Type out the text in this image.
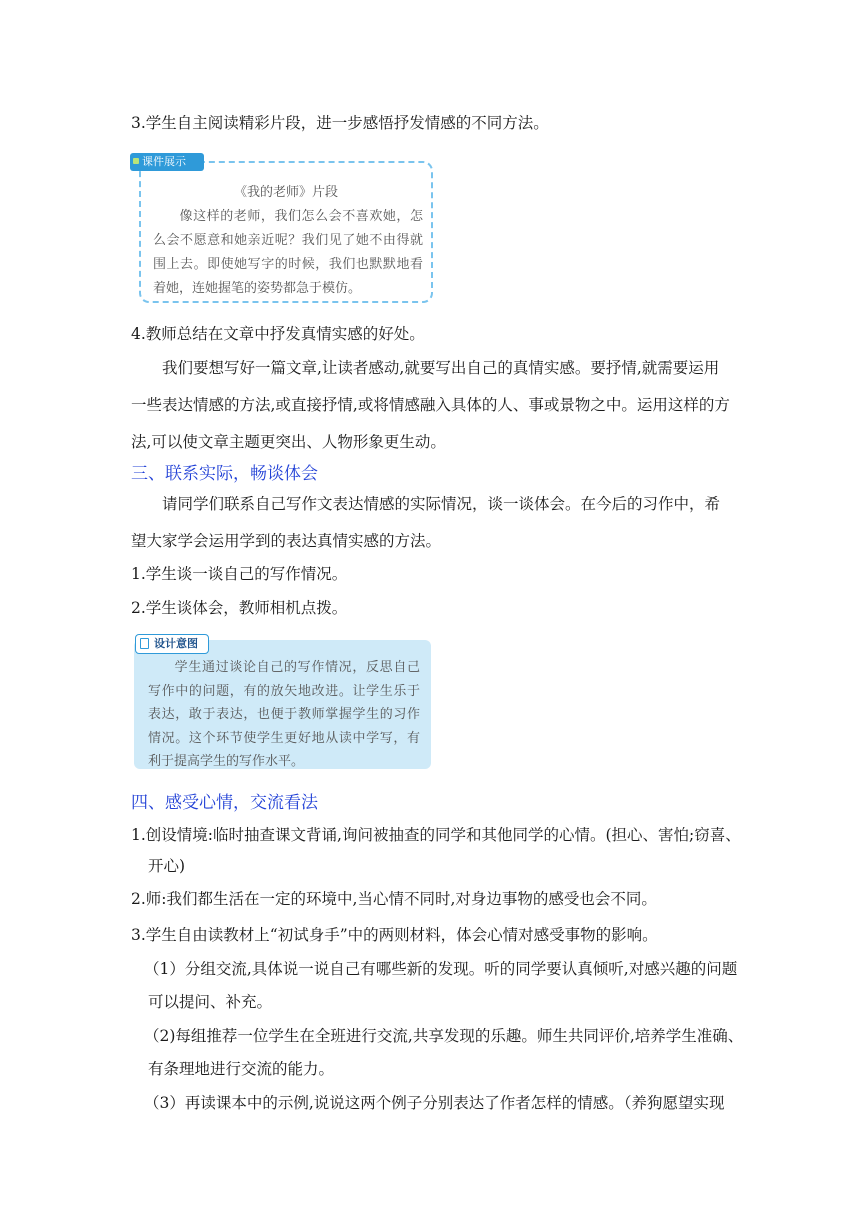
3.学生自主阅读精彩片段，进一步感悟抒发情感的不同方法。
《我的老师》片段
像这样的老师，我们怎么会不喜欢她，怎么会不愿意和她亲近呢？我们见了她不由得就围上去。即使她写字的时候，我们也默默地看着她，连她握笔的姿势都急于模仿。
课件展示
4.教师总结在文章中抒发真情实感的好处。
我们要想写好一篇文章,让读者感动,就要写出自己的真情实感。要抒情,就需要运用一些表达情感的方法,或直接抒情,或将情感融入具体的人、事或景物之中。运用这样的方法,可以使文章主题更突出、人物形象更生动。
三、联系实际，畅谈体会
请同学们联系自己写作文表达情感的实际情况，谈一谈体会。在今后的习作中，希望大家学会运用学到的表达真情实感的方法。
1.学生谈一谈自己的写作情况。
2.学生谈体会，教师相机点拨。
学生通过谈论自己的写作情况，反思自己写作中的问题，有的放矢地改进。让学生乐于表达，敢于表达，也便于教师掌握学生的习作情况。这个环节使学生更好地从读中学写，有利于提高学生的写作水平。
设计意图
四、感受心情，交流看法
1.创设情境:临时抽查课文背诵,询问被抽查的同学和其他同学的心情。(担心、害怕;窃喜、
开心)
2.师:我们都生活在一定的环境中,当心情不同时,对身边事物的感受也会不同。
3.学生自由读教材上“初试身手”中的两则材料，体会心情对感受事物的影响。
（1）分组交流,具体说一说自己有哪些新的发现。听的同学要认真倾听,对感兴趣的问题
可以提问、补充。
（2)每组推荐一位学生在全班进行交流,共享发现的乐趣。师生共同评价,培养学生准确、
有条理地进行交流的能力。
（3）再读课本中的示例,说说这两个例子分别表达了作者怎样的情感。（养狗愿望实现
